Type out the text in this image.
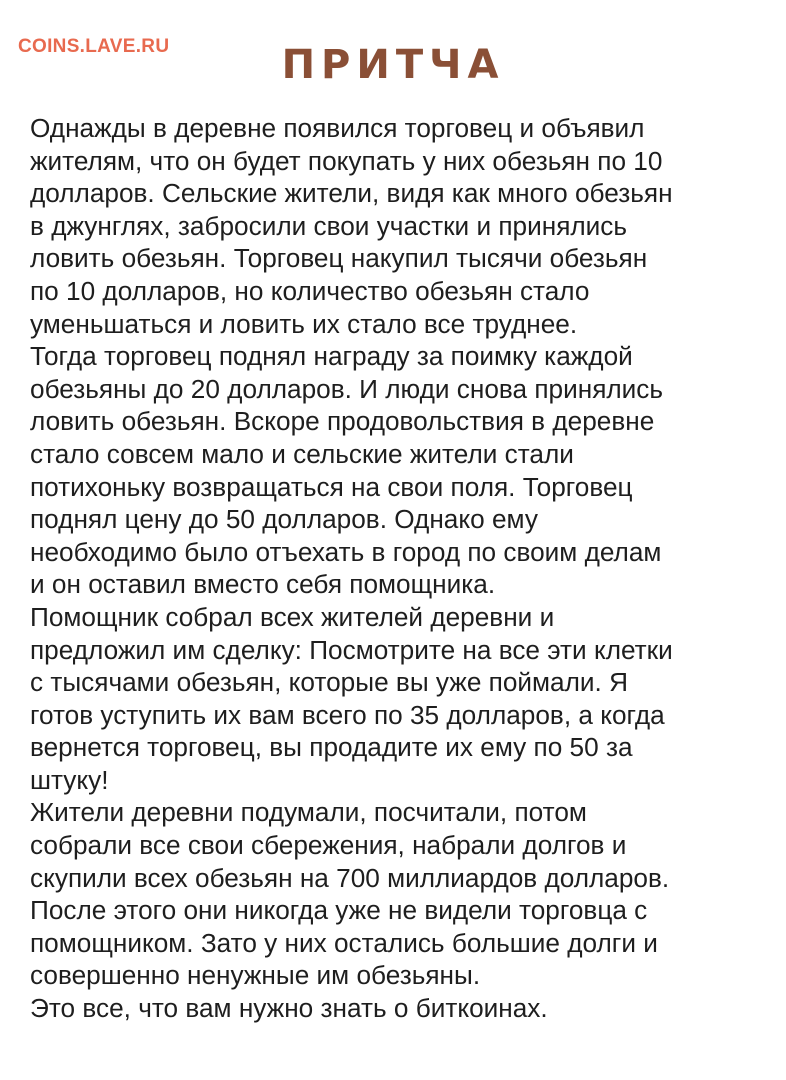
COINS.LAVE.RU	ПРИТЧА
Однажды в деревне появился торговец и объявил
жителям, что он будет покупать у них обезьян по 10
долларов. Сельские жители, видя как много обезьян
в джунглях, забросили свои участки и принялись
ловить обезьян. Торговец накупил тысячи обезьян
по 10 долларов, но количество обезьян стало
уменьшаться и ловить их стало все труднее.
Тогда торговец поднял награду за поимку каждой
обезьяны до 20 долларов. И люди снова принялись
ловить обезьян. Вскоре продовольствия в деревне
стало совсем мало и сельские жители стали
потихоньку возвращаться на свои поля. Торговец
поднял цену до 50 долларов. Однако ему
необходимо было отъехать в город по своим делам
и он оставил вместо себя помощника.
Помощник собрал всех жителей деревни и
предложил им сделку: Посмотрите на все эти клетки
с тысячами обезьян, которые вы уже поймали. Я
готов уступить их вам всего по 35 долларов, а когда
вернется торговец, вы продадите их ему по 50 за
штуку!
Жители деревни подумали, посчитали, потом
собрали все свои сбережения, набрали долгов и
скупили всех обезьян на 700 миллиардов долларов.
После этого они никогда уже не видели торговца с
помощником. Зато у них остались большие долги и
совершенно ненужные им обезьяны.
Это все, что вам нужно знать о биткоинах.
